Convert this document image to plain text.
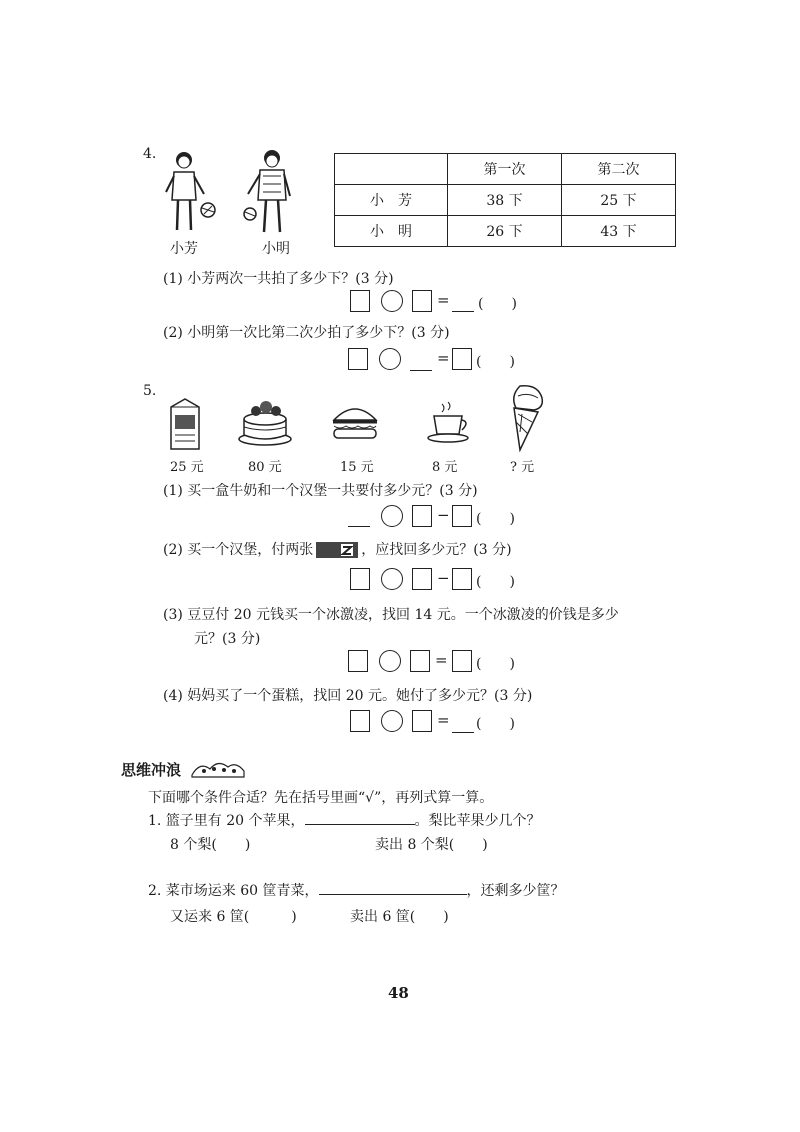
4.
小芳	小明
	第一次	第二次
小　芳	38 下	25 下
小　明	26 下	43 下
(1) 小芳两次一共拍了多少下？(3 分)
= (　　)
(2) 小明第一次比第二次少拍了多少下？(3 分)
= (　　)
5.
25 元	80 元	15 元	8 元	? 元
(1) 买一盒牛奶和一个汉堡一共要付多少元？(3 分)
− (　　)
(2) 买一个汉堡，付两张	，应找回多少元？(3 分)
− (　　)
(3) 豆豆付 20 元钱买一个冰激凌，找回 14 元。一个冰激凌的价钱是多少
元？(3 分)
= (　　)
(4) 妈妈买了一个蛋糕，找回 20 元。她付了多少元？(3 分)
= (　　)
思维冲浪
下面哪个条件合适？先在括号里画“√”，再列式算一算。
1. 篮子里有 20 个苹果，	。梨比苹果少几个？
8 个梨(　　)	卖出 8 个梨(　　)
2. 菜市场运来 60 筐青菜，	，还剩多少筐？
又运来 6 筐(　　　)	卖出 6 筐(　　)
48
